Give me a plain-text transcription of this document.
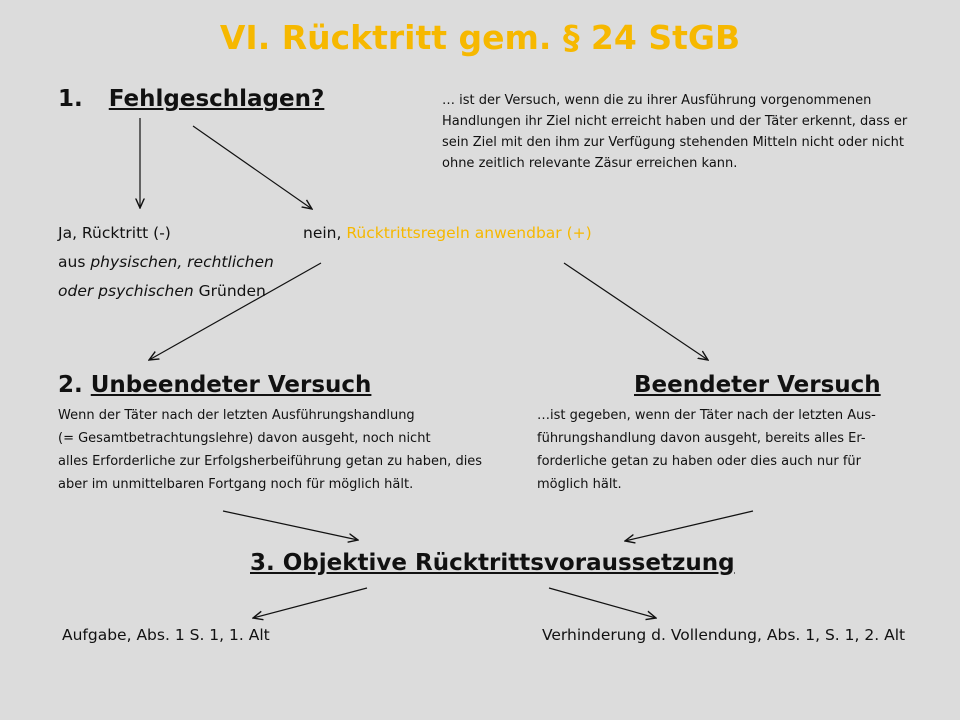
VI. Rücktritt gem. § 24 StGB
1. Fehlgeschlagen?	… ist der Versuch, wenn die zu ihrer Ausführung vorgenommenen
Handlungen ihr Ziel nicht erreicht haben und der Täter erkennt, dass er
sein Ziel mit den ihm zur Verfügung stehenden Mitteln nicht oder nicht
ohne zeitlich relevante Zäsur erreichen kann.
Ja, Rücktritt (-)
aus physischen, rechtlichen
oder psychischen Gründen
nein, Rücktrittsregeln anwendbar (+)
2. Unbeendeter Versuch	Beendeter Versuch
Wenn der Täter nach der letzten Ausführungshandlung
(= Gesamtbetrachtungslehre) davon ausgeht, noch nicht
alles Erforderliche zur Erfolgsherbeiführung getan zu haben, dies
aber im unmittelbaren Fortgang noch für möglich hält.
…ist gegeben, wenn der Täter nach der letzten Aus-
führungshandlung davon ausgeht, bereits alles Er-
forderliche getan zu haben oder dies auch nur für
möglich hält.
3. Objektive Rücktrittsvoraussetzung
Aufgabe, Abs. 1 S. 1, 1. Alt	Verhinderung d. Vollendung, Abs. 1, S. 1, 2. Alt
